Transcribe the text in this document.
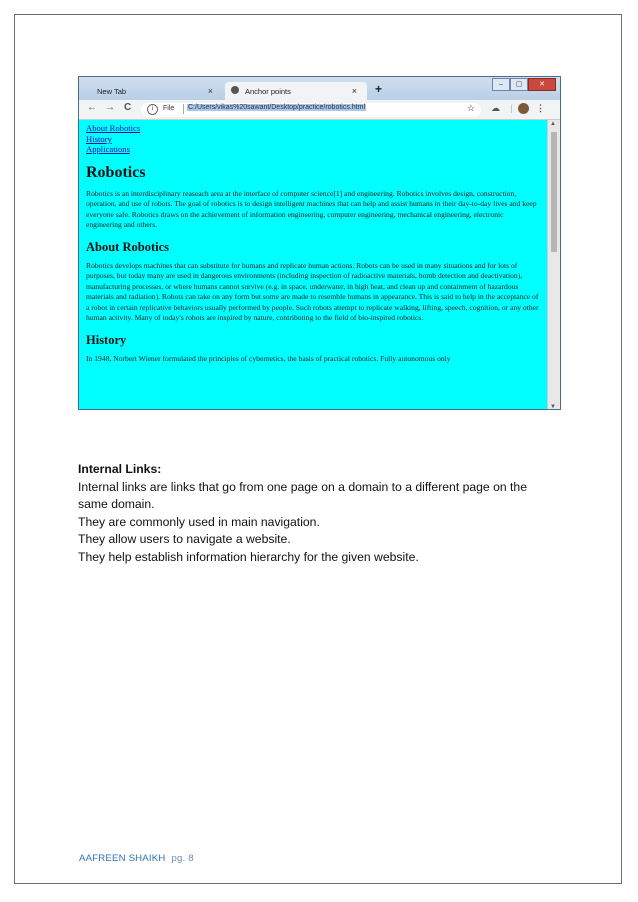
New Tab	×	Anchor points	× +	–	▢	✕
← → C	i	File C:/Users/vikas%20sawant/Desktop/practice/robotics.html	☆ ☁	|	⋮
About Robotics
History
Applications
Robotics

Robotics is an interdisciplinary reaseach area at the interface of computer science[1] and engineering. Robotics involves design, construction, operation, and use of robots. The goal of robotics is to design intelligent machines that can help and assist humans in their day-to-day lives and keep everyone safe. Robotics draws on the achievement of information engineering, computer engineering, mechanical engineering, electronic engineering and others.

About Robotics

Robotics develops machines that can substitute for humans and replicate human actions. Robots can be used in many situations and for lots of purposes, but today many are used in dangerous environments (including inspection of radioactive materials, bomb detection and deactivation), manufacturing processes, or where humans cannot survive (e.g. in space, underwater, in high heat, and clean up and containment of hazardous materials and radiation). Robots can take on any form but some are made to resemble humans in appearance. This is said to help in the acceptance of a robot in certain replicative behaviors usually performed by people. Such robots attempt to replicate walking, lifting, speech, cognition, or any other human activity. Many of today's robots are inspired by nature, contributing to the field of bio-inspired robotics.

History

In 1948, Norbert Wiener formulated the principles of cybernetics, the basis of practical robotics. Fully autonomous only

▲
▼
Internal Links:
Internal links are links that go from one page on a domain to a different page on the
same domain.
They are commonly used in main navigation.
They allow users to navigate a website.
They help establish information hierarchy for the given website.
AAFREEN SHAIKH pg. 8
